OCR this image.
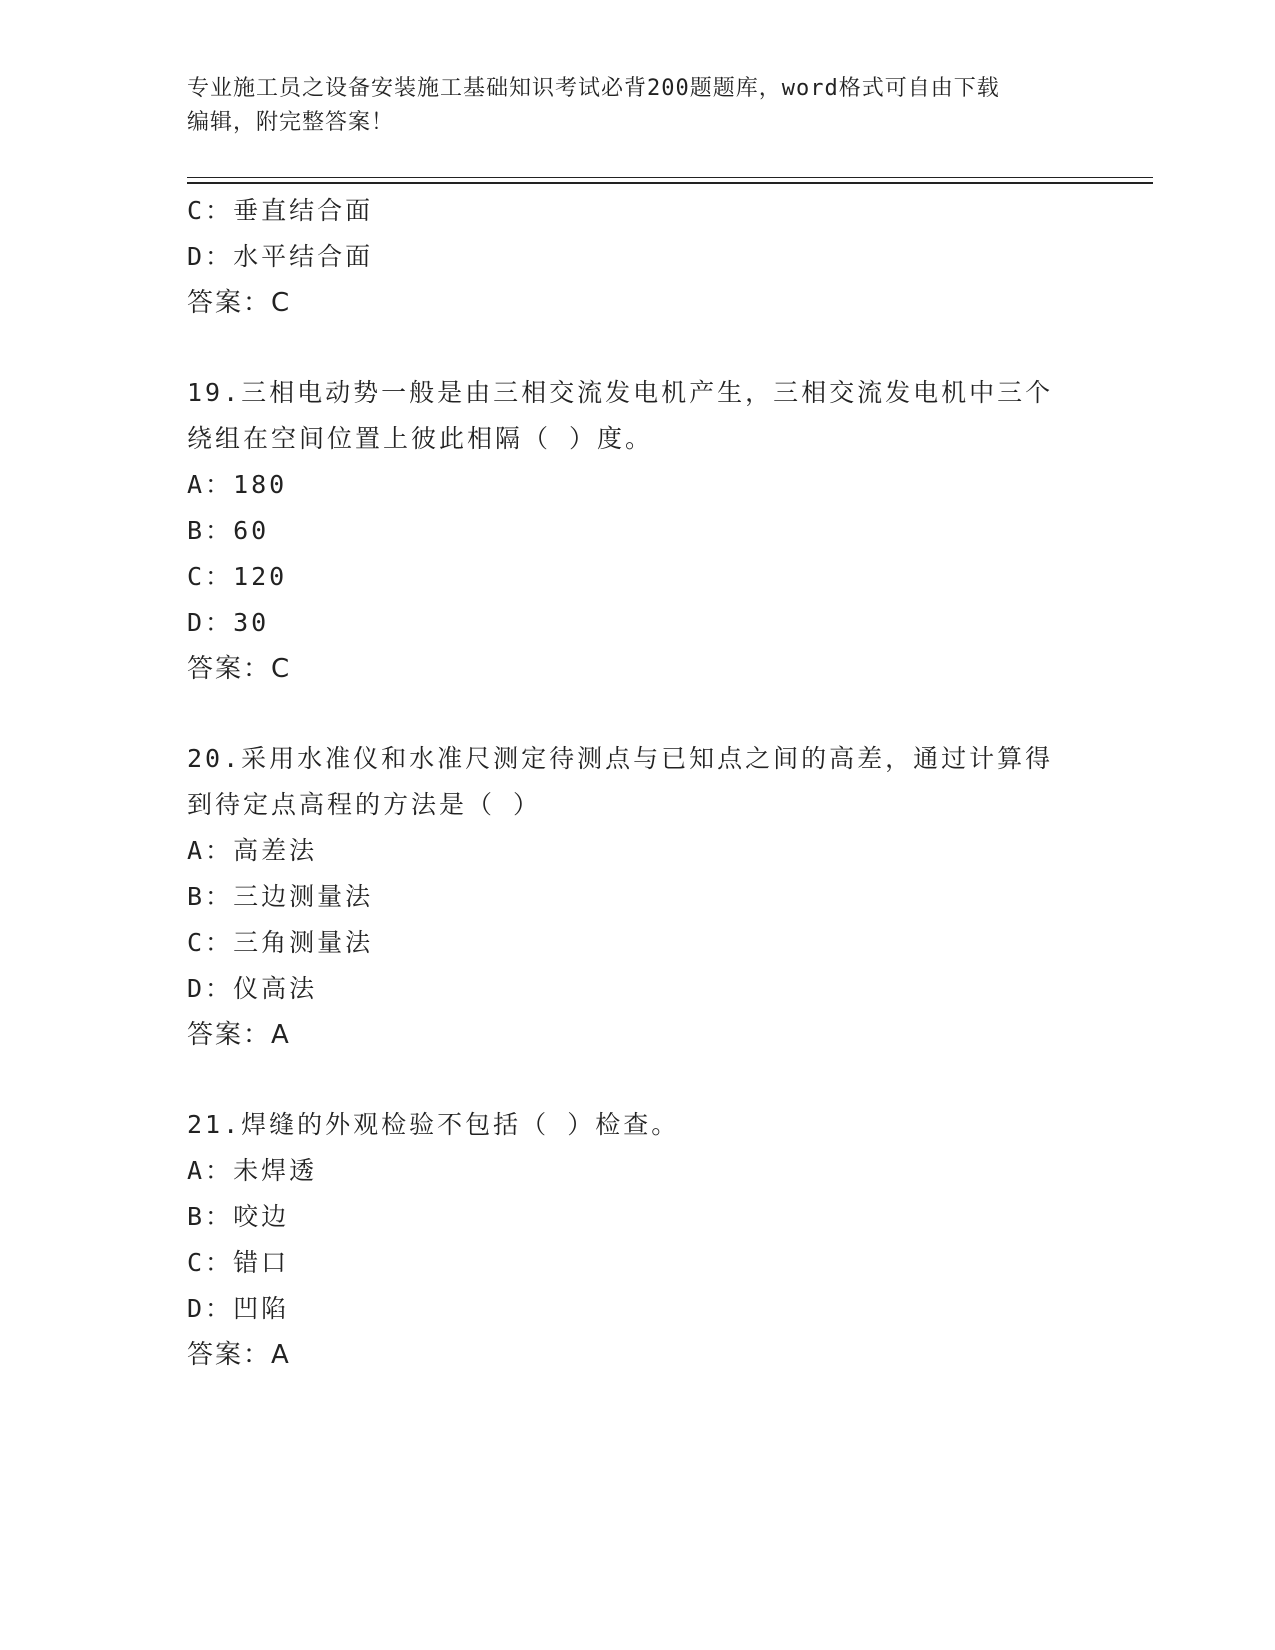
专业施工员之设备安装施工基础知识考试必背200题题库，word格式可自由下载
编辑，附完整答案！
C：垂直结合面
D：水平结合面
答案：C
19.三相电动势一般是由三相交流发电机产生，三相交流发电机中三个
绕组在空间位置上彼此相隔（ ）度。
A：180
B：60
C：120
D：30
答案：C
20.采用水准仪和水准尺测定待测点与已知点之间的高差，通过计算得
到待定点高程的方法是（ ）
A：高差法
B：三边测量法
C：三角测量法
D：仪高法
答案：A
21.焊缝的外观检验不包括（ ）检查。
A：未焊透
B：咬边
C：错口
D：凹陷
答案：A
